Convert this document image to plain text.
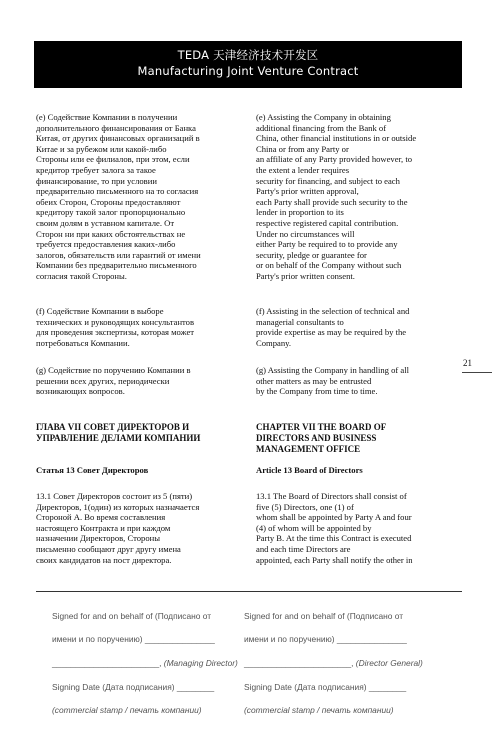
TEDA 天津经济技术开发区
Manufacturing Joint Venture Contract
(е) Содействие Компании в получении
дополнительного финансирования от Банка
Китая, от других финансовых организаций в
Китае и за рубежом или какой-либо
Стороны или ее филиалов, при этом, если
кредитор требует залога за такое
финансирование, то при условии
предварительно письменного на то согласия
обеих Сторон, Стороны предоставляют
кредитору такой залог пропорционально
своим долям в уставном капитале. От
Сторон ни при каких обстоятельствах не
требуется предоставления каких-либо
залогов, обязательств или гарантий от имени
Компании без предварительно письменного
согласия такой Стороны.
(f) Содействие Компании в выборе
технических и руководящих консультантов
для проведения экспертизы, которая может
потребоваться Компании.
(g) Содействие по поручению Компании в
решении всех других, периодически
возникающих вопросов.
ГЛАВА VII СОВЕТ ДИРЕКТОРОВ И
УПРАВЛЕНИЕ ДЕЛАМИ КОМПАНИИ
Статья 13 Совет Директоров
13.1 Совет Директоров состоит из 5 (пяти)
Директоров, 1(один) из которых назначается
Стороной А. Во время составления
настоящего Контракта и при каждом
назначении Директоров, Стороны
письменно сообщают друг другу имена
своих кандидатов на пост директора.
(e) Assisting the Company in obtaining
additional financing from the Bank of
China, other financial institutions in or outside
China or from any Party or
an affiliate of any Party provided however, to
the extent a lender requires
security for financing, and subject to each
Party's prior written approval,
each Party shall provide such security to the
lender in proportion to its
respective registered capital contribution.
Under no circumstances will
either Party be required to to provide any
security, pledge or guarantee for
or on behalf of the Company without such
Party's prior written consent.
(f) Assisting in the selection of technical and
managerial consultants to
provide expertise as may be required by the
Company.
(g) Assisting the Company in handling of all
other matters as may be entrusted
by the Company from time to time.
CHAPTER VII THE BOARD OF
DIRECTORS AND BUSINESS
MANAGEMENT OFFICE
Article 13 Board of Directors
13.1 The Board of Directors shall consist of
five (5) Directors, one (1) of
whom shall be appointed by Party A and four
(4) of whom will be appointed by
Party B. At the time this Contract is executed
and each time Directors are
appointed, each Party shall notify the other in
21

Signed for and on behalf of (Подписано от

имени и по поручению) _______________

_______________________, (Managing Director)

Signing Date (Дата подписания) ________

(commercial stamp / печать компании)

Signed for and on behalf of (Подписано от

имени и по поручению) _______________

_______________________, (Director General)

Signing Date (Дата подписания) ________

(commercial stamp / печать компании)
